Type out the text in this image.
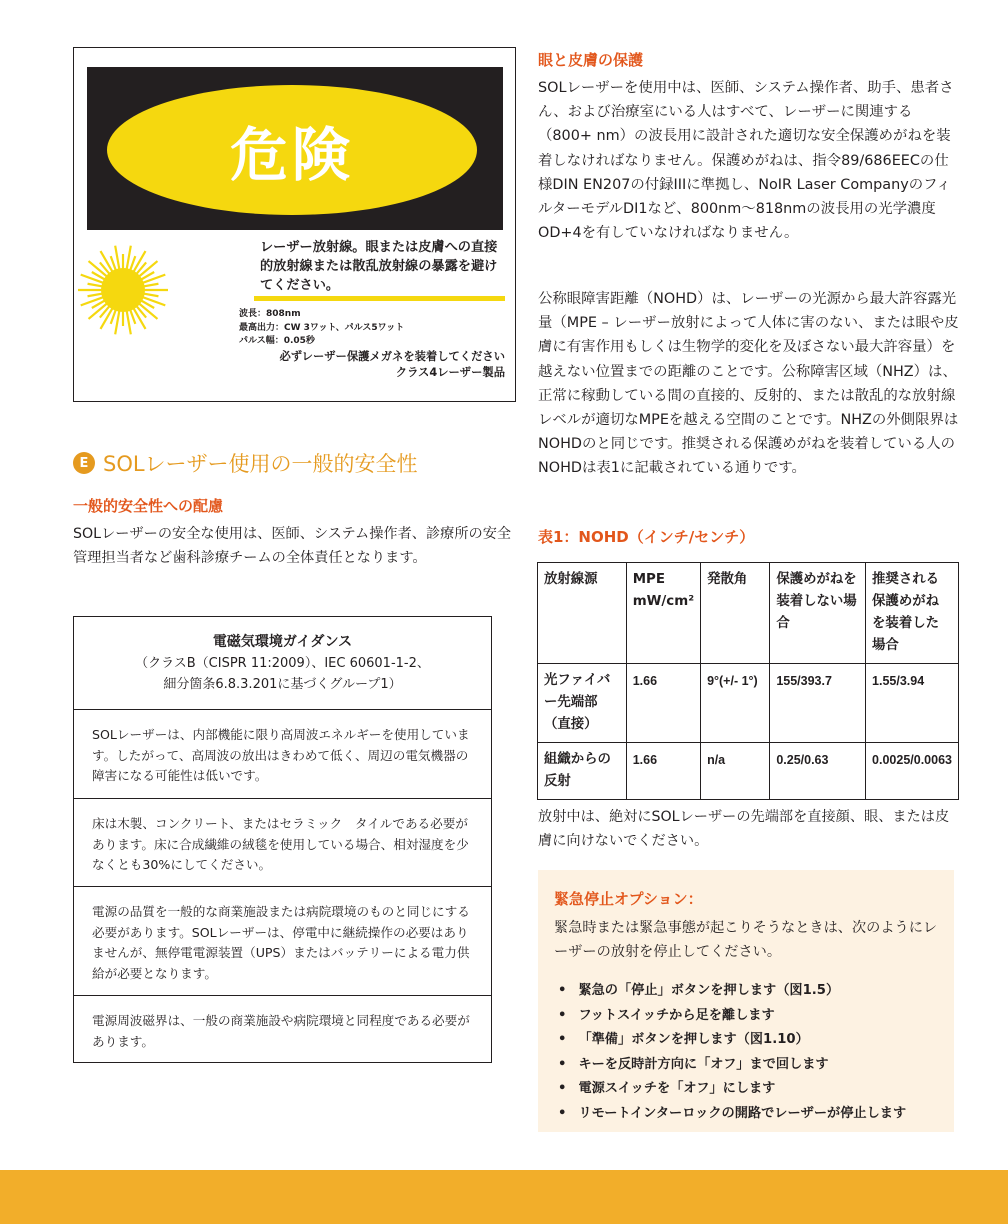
危険
レーザー放射線。眼または皮膚への直接的放射線または散乱放射線の暴露を避けてください。
波長：808nm
最高出力：CW 3ワット、パルス5ワット
パルス幅：0.05秒
必ずレーザー保護メガネを装着してください
クラス4レーザー製品
E SOLレーザー使用の一般的安全性
一般的安全性への配慮
SOLレーザーの安全な使用は、医師、システム操作者、診療所の安全管理担当者など歯科診療チームの全体責任となります。
電磁気環境ガイダンス
（クラスB（CISPR 11:2009）、IEC 60601-1-2、
細分箇条6.8.3.201に基づくグループ1）
SOLレーザーは、内部機能に限り高周波エネルギーを使用しています。したがって、高周波の放出はきわめて低く、周辺の電気機器の障害になる可能性は低いです。
床は木製、コンクリート、またはセラミック　タイルである必要があります。床に合成繊維の絨毯を使用している場合、相対湿度を少なくとも30%にしてください。
電源の品質を一般的な商業施設または病院環境のものと同じにする必要があります。SOLレーザーは、停電中に継続操作の必要はありませんが、無停電電源装置（UPS）またはバッテリーによる電力供給が必要となります。
電源周波磁界は、一般の商業施設や病院環境と同程度である必要があります。
眼と皮膚の保護
SOLレーザーを使用中は、医師、システム操作者、助手、患者さん、および治療室にいる人はすべて、レーザーに関連する（800+ nm）の波長用に設計された適切な安全保護めがねを装着しなければなりません。保護めがねは、指令89/686EECの仕様DIN EN207の付録IIIに準拠し、NoIR Laser CompanyのフィルターモデルDI1など、800nm〜818nmの波長用の光学濃度OD+4を有していなければなりません。
公称眼障害距離（NOHD）は、レーザーの光源から最大許容露光量（MPE – レーザー放射によって人体に害のない、または眼や皮膚に有害作用もしくは生物学的変化を及ぼさない最大許容量）を越えない位置までの距離のことです。公称障害区域（NHZ）は、正常に稼動している間の直接的、反射的、または散乱的な放射線レベルが適切なMPEを越える空間のことです。NHZの外側限界はNOHDのと同じです。推奨される保護めがねを装着している人のNOHDは表1に記載されている通りです。
表1：NOHD（インチ/センチ）
放射線源	MPE mW/cm²	発散角	保護めがねを装着しない場合	推奨される保護めがねを装着した場合
光ファイバー先端部（直接）	1.66	9°(+/- 1°)	155/393.7	1.55/3.94
組織からの反射	1.66	n/a	0.25/0.63	0.0025/0.0063
放射中は、絶対にSOLレーザーの先端部を直接顔、眼、または皮膚に向けないでください。
緊急停止オプション：
緊急時または緊急事態が起こりそうなときは、次のようにレーザーの放射を停止してください。
• 緊急の「停止」ボタンを押します（図1.5）
• フットスイッチから足を離します
• 「準備」ボタンを押します（図1.10）
• キーを反時計方向に「オフ」まで回します
• 電源スイッチを「オフ」にします
• リモートインターロックの開路でレーザーが停止します
